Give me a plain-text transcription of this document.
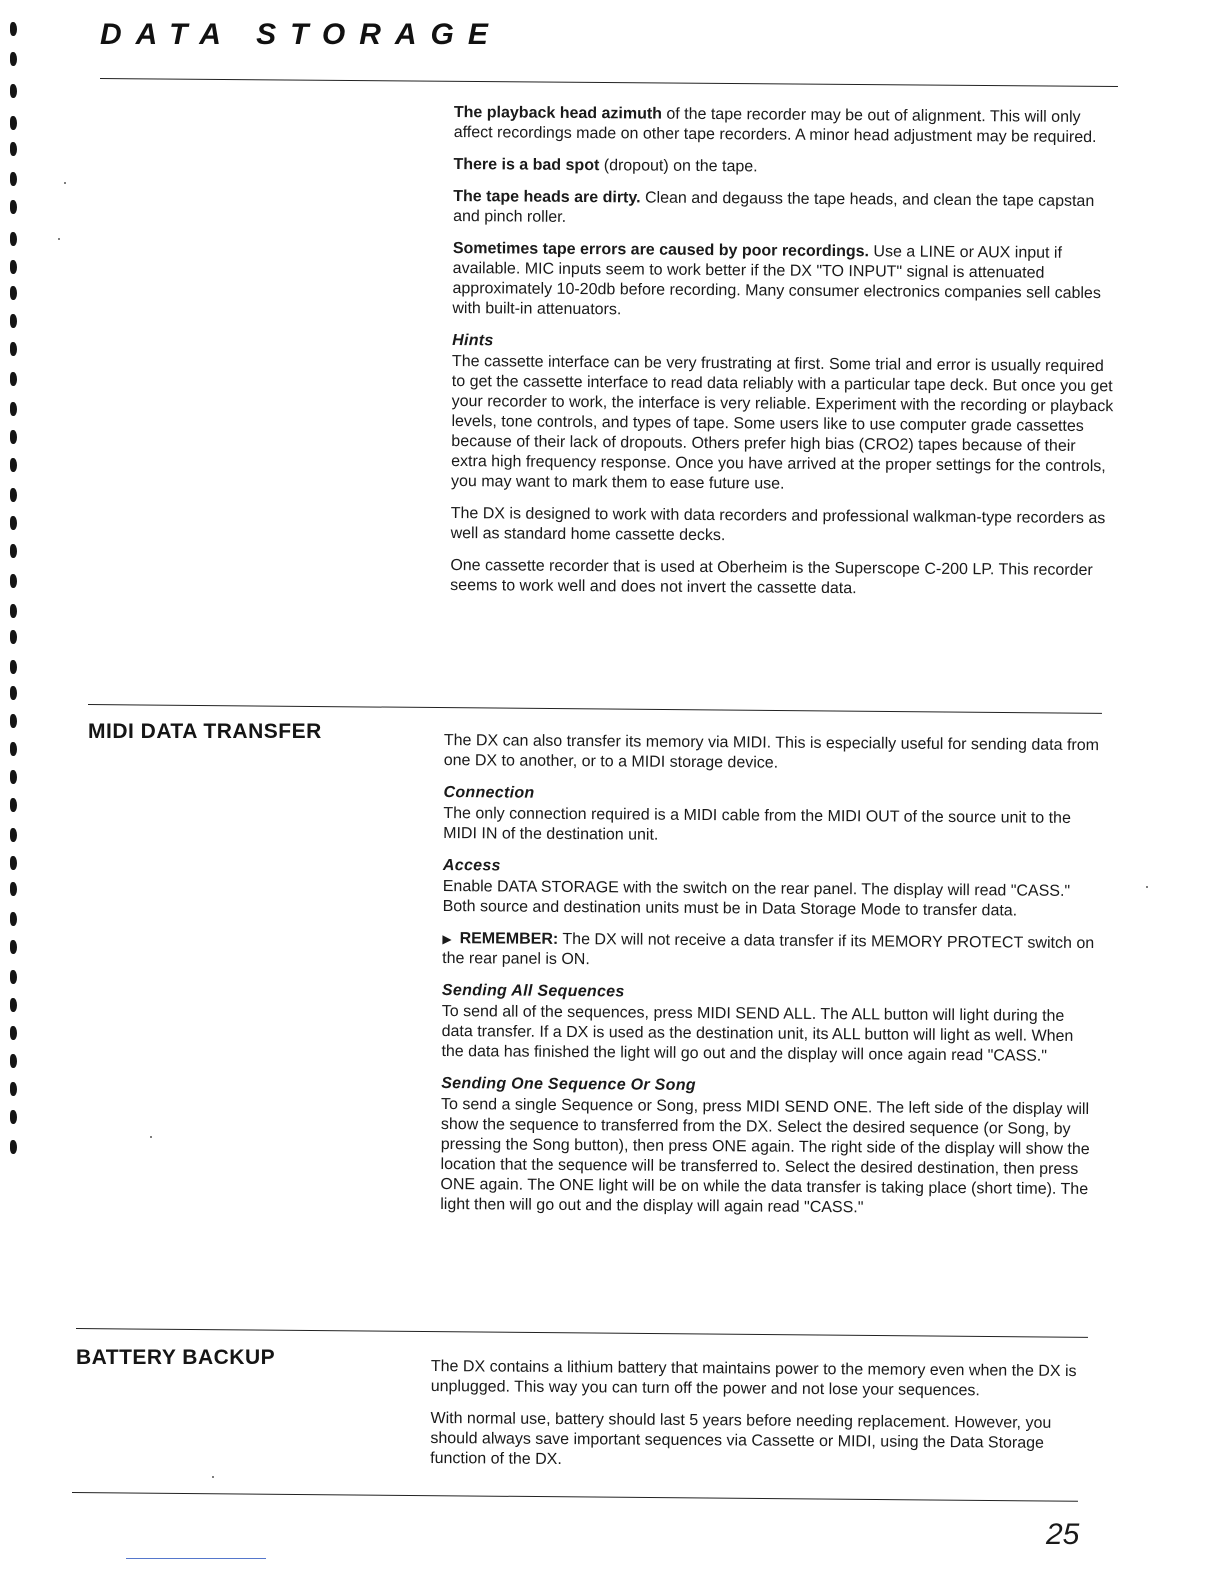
DATA STORAGE

The playback head azimuth of the tape recorder may be out of alignment. This will only affect recordings made on other tape recorders. A minor head adjustment may be required.

There is a bad spot (dropout) on the tape.

The tape heads are dirty. Clean and degauss the tape heads, and clean the tape capstan and pinch roller.

Sometimes tape errors are caused by poor recordings. Use a LINE or AUX input if available. MIC inputs seem to work better if the DX "TO INPUT" signal is attenuated approximately 10-20db before recording. Many consumer electronics companies sell cables with built-in attenuators.

Hints

The cassette interface can be very frustrating at first. Some trial and error is usually required to get the cassette interface to read data reliably with a particular tape deck. But once you get your recorder to work, the interface is very reliable. Experiment with the recording or playback levels, tone controls, and types of tape. Some users like to use computer grade cassettes because of their lack of dropouts. Others prefer high bias (CRO2) tapes because of their extra high frequency response. Once you have arrived at the proper settings for the controls, you may want to mark them to ease future use.

The DX is designed to work with data recorders and professional walkman-type recorders as well as standard home cassette decks.

One cassette recorder that is used at Oberheim is the Superscope C-200 LP. This recorder seems to work well and does not invert the cassette data.

MIDI DATA TRANSFER

The DX can also transfer its memory via MIDI. This is especially useful for sending data from one DX to another, or to a MIDI storage device.

Connection

The only connection required is a MIDI cable from the MIDI OUT of the source unit to the MIDI IN of the destination unit.

Access

Enable DATA STORAGE with the switch on the rear panel. The display will read "CASS." Both source and destination units must be in Data Storage Mode to transfer data.

▶ REMEMBER: The DX will not receive a data transfer if its MEMORY PROTECT switch on the rear panel is ON.

Sending All Sequences

To send all of the sequences, press MIDI SEND ALL. The ALL button will light during the data transfer. If a DX is used as the destination unit, its ALL button will light as well. When the data has finished the light will go out and the display will once again read "CASS."

Sending One Sequence Or Song

To send a single Sequence or Song, press MIDI SEND ONE. The left side of the display will show the sequence to transferred from the DX. Select the desired sequence (or Song, by pressing the Song button), then press ONE again. The right side of the display will show the location that the sequence will be transferred to. Select the desired destination, then press ONE again. The ONE light will be on while the data transfer is taking place (short time). The light then will go out and the display will again read "CASS."

BATTERY BACKUP

The DX contains a lithium battery that maintains power to the memory even when the DX is unplugged. This way you can turn off the power and not lose your sequences.

With normal use, battery should last 5 years before needing replacement. However, you should always save important sequences via Cassette or MIDI, using the Data Storage function of the DX.

25
